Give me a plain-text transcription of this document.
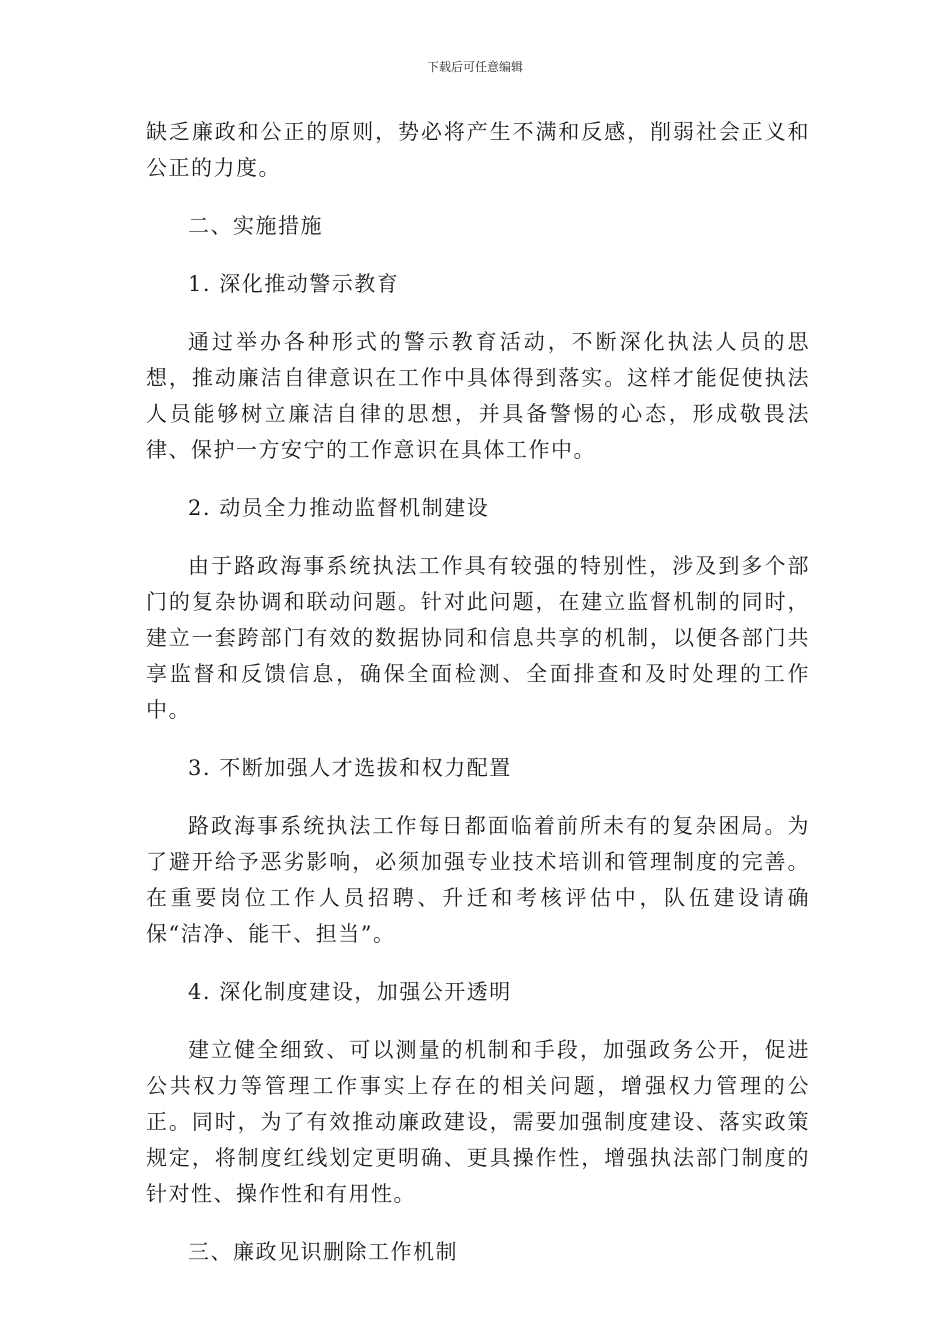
下载后可任意编辑

缺乏廉政和公正的原则，势必将产生不满和反感，削弱社会正义和公正的力度。

二、实施措施

1. 深化推动警示教育

通过举办各种形式的警示教育活动，不断深化执法人员的思想，推动廉洁自律意识在工作中具体得到落实。这样才能促使执法人员能够树立廉洁自律的思想，并具备警惕的心态，形成敬畏法律、保护一方安宁的工作意识在具体工作中。

2. 动员全力推动监督机制建设

由于路政海事系统执法工作具有较强的特别性，涉及到多个部门的复杂协调和联动问题。针对此问题，在建立监督机制的同时，建立一套跨部门有效的数据协同和信息共享的机制，以便各部门共享监督和反馈信息，确保全面检测、全面排查和及时处理的工作中。

3. 不断加强人才选拔和权力配置

路政海事系统执法工作每日都面临着前所未有的复杂困局。为了避开给予恶劣影响，必须加强专业技术培训和管理制度的完善。在重要岗位工作人员招聘、升迁和考核评估中，队伍建设请确保“洁净、能干、担当”。

4. 深化制度建设，加强公开透明

建立健全细致、可以测量的机制和手段，加强政务公开，促进公共权力等管理工作事实上存在的相关问题，增强权力管理的公正。同时，为了有效推动廉政建设，需要加强制度建设、落实政策规定，将制度红线划定更明确、更具操作性，增强执法部门制度的针对性、操作性和有用性。

三、廉政见识删除工作机制
